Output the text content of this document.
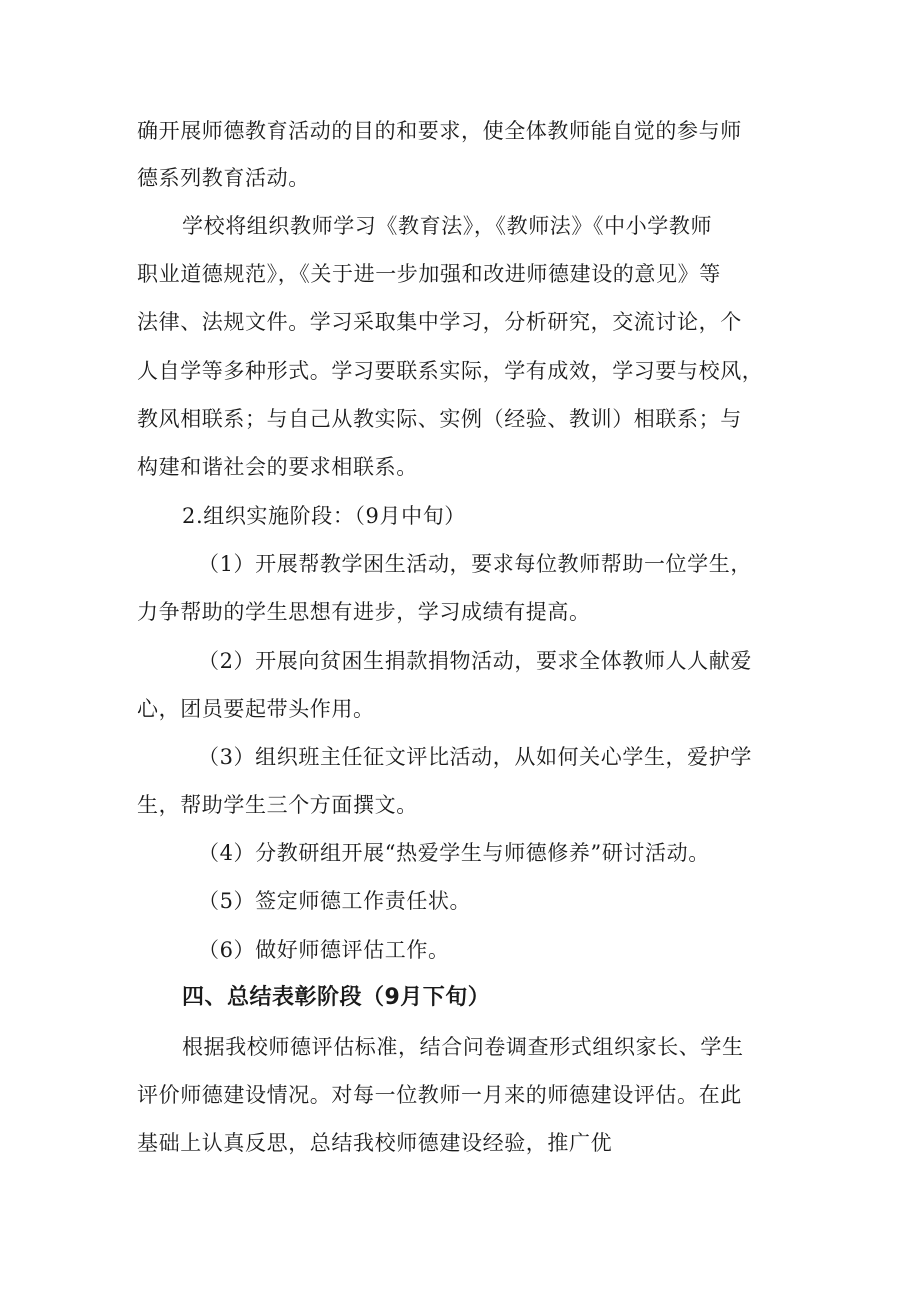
确开展师德教育活动的目的和要求，使全体教师能自觉的参与师
德系列教育活动。
学校将组织教师学习《教育法》，《教师法》《中小学教师
职业道德规范》，《关于进一步加强和改进师德建设的意见》等
法律、法规文件。学习采取集中学习，分析研究，交流讨论，个
人自学等多种形式。学习要联系实际，学有成效，学习要与校风，
教风相联系；与自己从教实际、实例（经验、教训）相联系；与
构建和谐社会的要求相联系。
2.组织实施阶段：（9月中旬）
（1）开展帮教学困生活动，要求每位教师帮助一位学生，
力争帮助的学生思想有进步，学习成绩有提高。
（2）开展向贫困生捐款捐物活动，要求全体教师人人献爱
心，团员要起带头作用。
（3）组织班主任征文评比活动，从如何关心学生，爱护学
生，帮助学生三个方面撰文。
（4）分教研组开展“热爱学生与师德修养”研讨活动。
（5）签定师德工作责任状。
（6）做好师德评估工作。
四、总结表彰阶段（9月下旬）
根据我校师德评估标准，结合问卷调查形式组织家长、学生
评价师德建设情况。对每一位教师一月来的师德建设评估。在此
基础上认真反思，总结我校师德建设经验，推广优
